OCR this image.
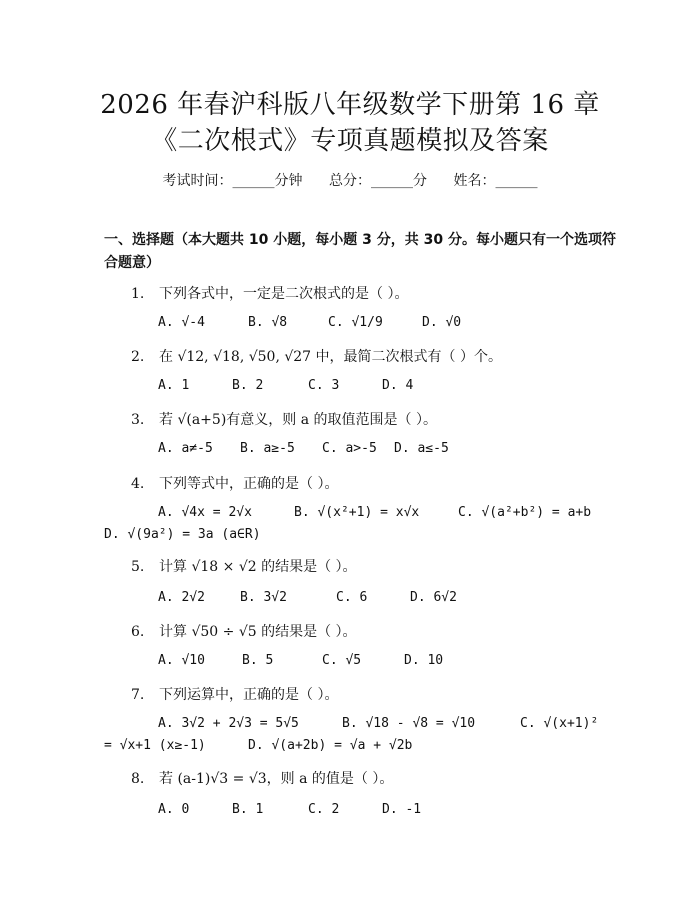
2026 年春沪科版八年级数学下册第 16 章
《二次根式》专项真题模拟及答案
考试时间：______分钟 总分：______分 姓名：______
一、选择题（本大题共 10 小题，每小题 3 分，共 30 分。每小题只有一个选项符合题意）
1. 下列各式中，一定是二次根式的是（ ）。
A. √-4	B. √8	C. √1/9	D. √0
2. 在 √12, √18, √50, √27 中，最简二次根式有（ ）个。
A. 1	B. 2	C. 3	D. 4
3. 若 √(a+5)有意义，则 a 的取值范围是（ ）。
A. a≠-5 B. a≥-5 C. a>-5 D. a≤-5
4. 下列等式中，正确的是（ ）。
A. √4x = 2√x	B. √(x²+1) = x√x	C. √(a²+b²) = a+b
D. √(9a²) = 3a (a∈R)
5. 计算 √18 × √2 的结果是（ ）。
A. 2√2	B. 3√2	C. 6	D. 6√2
6. 计算 √50 ÷ √5 的结果是（ ）。
A. √10	B. 5	C. √5	D. 10
7. 下列运算中，正确的是（ ）。
A. 3√2 + 2√3 = 5√5	B. √18 - √8 = √10	C. √(x+1)²
= √x+1 (x≥-1)	D. √(a+2b) = √a + √2b
8. 若 (a-1)√3 = √3，则 a 的值是（ ）。
A. 0	B. 1	C. 2	D. -1
